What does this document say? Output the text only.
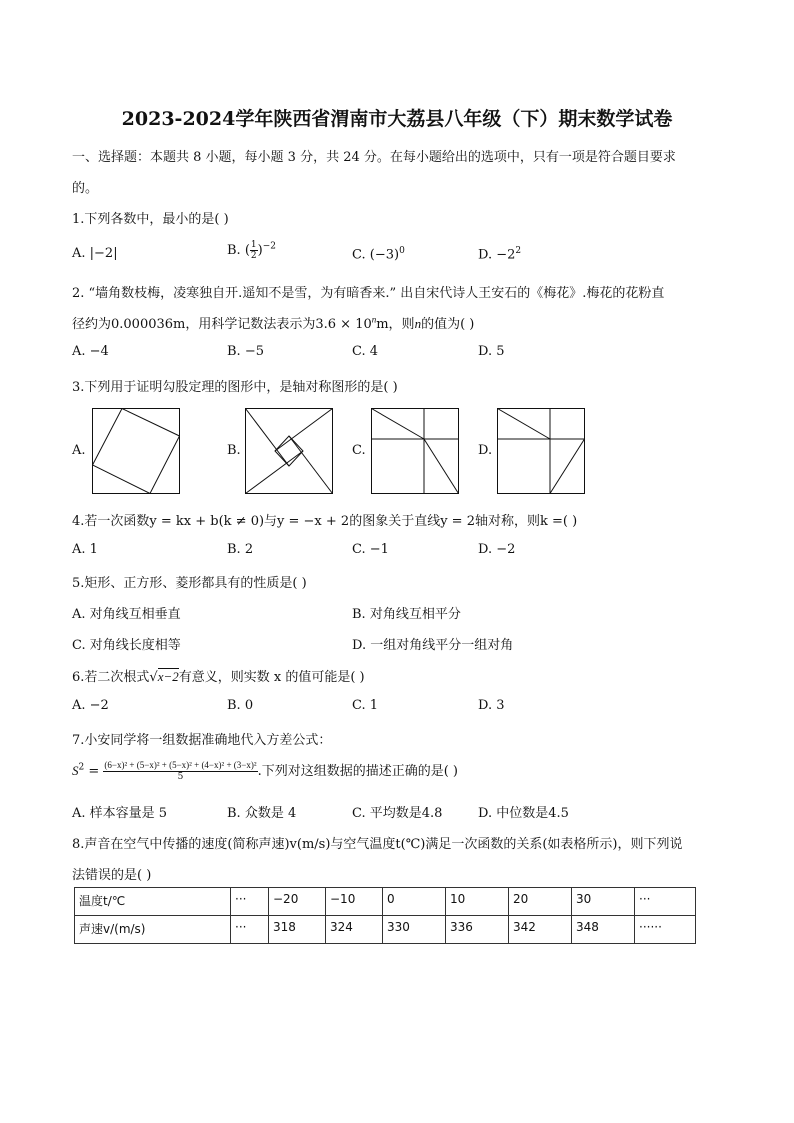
2023-2024学年陕西省渭南市大荔县八年级（下）期末数学试卷
一、选择题：本题共 8 小题，每小题 3 分，共 24 分。在每小题给出的选项中，只有一项是符合题目要求
的。
1.下列各数中，最小的是( )
A. |−2|	B. ( $\frac{1}{2} )^{-2}$
C. $(-3)^0$	D. $-2^2$
2. “墙角数枝梅，凌寒独自开.遥知不是雪，为有暗香来.” 出自宋代诗人王安石的《梅花》.梅花的花粉直
径约为0.000036m，用科学记数法表示为$3.6 \times 10^nm$，则n的值为( )
A. −4	B. −5	C. 4	D. 5
3.下列用于证明勾股定理的图形中，是轴对称图形的是( )
A.	B.	C.	D.
4.若一次函数y = kx + b(k ≠ 0)与y = −x + 2的图象关于直线y = 2轴对称，则k =( )
A. 1	B. 2	C. −1	D. −2
5.矩形、正方形、菱形都具有的性质是( )
A. 对角线互相垂直	B. 对角线互相平分
C. 对角线长度相等	D. 一组对角线平分一组对角
6.若二次根式√x−2有意义，则实数 x 的值可能是( )
A. −2	B. 0	C. 1	D. 3
7.小安同学将一组数据准确地代入方差公式：
$S^2 = \frac{\text{(6−x)² + (5−x)² + (5−x)² + (4−x)² + (3−x)²}}{5}$ .下列对这组数据的描述正确的是( )
A. 样本容量是 5	B. 众数是 4	C. 平均数是4.8	D. 中位数是4.5
8.声音在空气中传播的速度(简称声速)v(m/s)与空气温度t(℃)满足一次函数的关系(如表格所示)，则下列说
法错误的是( )
温度t/℃	···	−20	−10	0	10	20	30	···
声速v/(m/s)	···	318	324	330	336	342	348	······
